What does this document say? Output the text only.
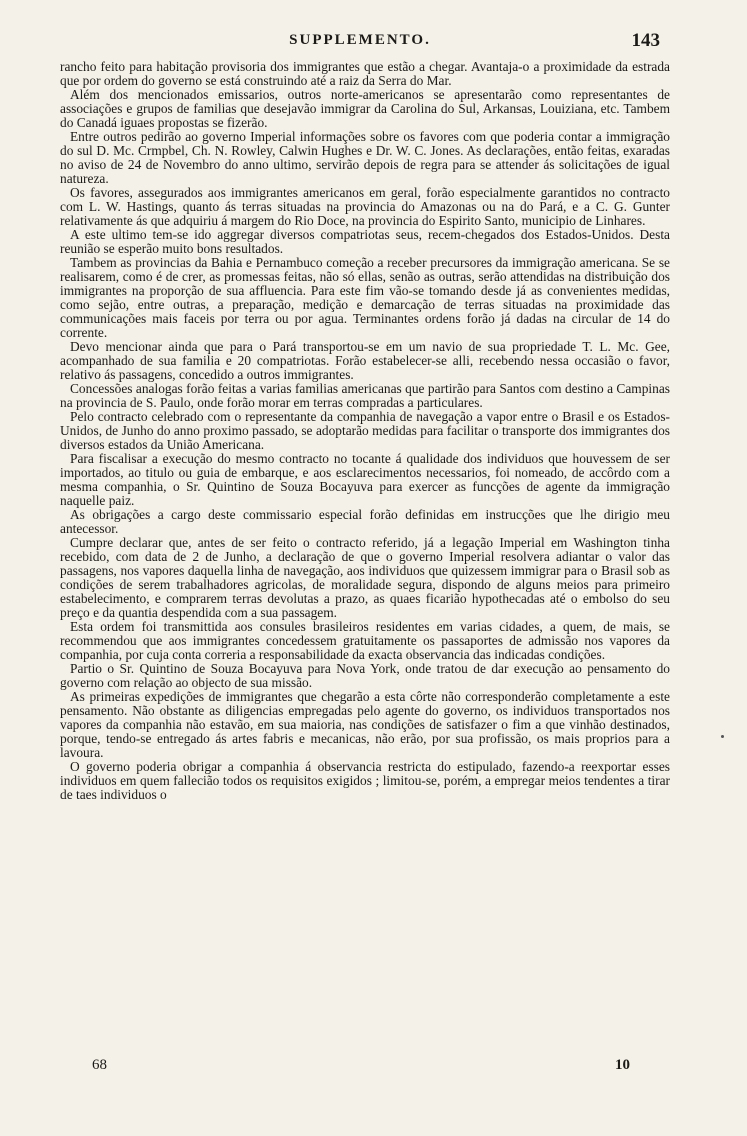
SUPPLEMENTO.	143

rancho feito para habitação provisoria dos immigrantes que estão a chegar. Avantaja-o a proximidade da estrada que por ordem do governo se está construindo até a raiz da Serra do Mar.

Além dos mencionados emissarios, outros norte-americanos se apresentarão como representantes de associações e grupos de familias que desejavão immigrar da Carolina do Sul, Arkansas, Louiziana, etc. Tambem do Canadá iguaes propostas se fizerão.

Entre outros pedirão ao governo Imperial informações sobre os favores com que poderia contar a immigração do sul D. Mc. Crmpbel, Ch. N. Rowley, Calwin Hughes e Dr. W. C. Jones. As declarações, então feitas, exaradas no aviso de 24 de Novembro do anno ultimo, servirão depois de regra para se attender ás solicitações de igual natureza.

Os favores, assegurados aos immigrantes americanos em geral, forão especialmente garantidos no contracto com L. W. Hastings, quanto ás terras situadas na provincia do Amazonas ou na do Pará, e a C. G. Gunter relativamente ás que adquiriu á margem do Rio Doce, na provincia do Espirito Santo, municipio de Linhares.

A este ultimo tem-se ido aggregar diversos compatriotas seus, recem-chegados dos Estados-Unidos. Desta reunião se esperão muito bons resultados.

Tambem as provincias da Bahia e Pernambuco começão a receber precursores da immigração americana. Se se realisarem, como é de crer, as promessas feitas, não só ellas, senão as outras, serão attendidas na distribuição dos immigrantes na proporção de sua affluencia. Para este fim vão-se tomando desde já as convenientes medidas, como sejão, entre outras, a preparação, medição e demarcação de terras situadas na proximidade das communicações mais faceis por terra ou por agua. Terminantes ordens forão já dadas na circular de 14 do corrente.

Devo mencionar ainda que para o Pará transportou-se em um navio de sua propriedade T. L. Mc. Gee, acompanhado de sua familia e 20 compatriotas. Forão estabelecer-se alli, recebendo nessa occasião o favor, relativo ás passagens, concedido a outros immigrantes.

Concessões analogas forão feitas a varias familias americanas que partirão para Santos com destino a Campinas na provincia de S. Paulo, onde forão morar em terras compradas a particulares.

Pelo contracto celebrado com o representante da companhia de navegação a vapor entre o Brasil e os Estados-Unidos, de Junho do anno proximo passado, se adoptarão medidas para facilitar o transporte dos immigrantes dos diversos estados da União Americana.

Para fiscalisar a execução do mesmo contracto no tocante á qualidade dos individuos que houvessem de ser importados, ao titulo ou guia de embarque, e aos esclarecimentos necessarios, foi nomeado, de accôrdo com a mesma companhia, o Sr. Quintino de Souza Bocayuva para exercer as funcções de agente da immigração naquelle paiz.

As obrigações a cargo deste commissario especial forão definidas em instrucções que lhe dirigio meu antecessor.

Cumpre declarar que, antes de ser feito o contracto referido, já a legação Imperial em Washington tinha recebido, com data de 2 de Junho, a declaração de que o governo Imperial resolvera adiantar o valor das passagens, nos vapores daquella linha de navegação, aos individuos que quizessem immigrar para o Brasil sob as condições de serem trabalhadores agricolas, de moralidade segura, dispondo de alguns meios para primeiro estabelecimento, e comprarem terras devolutas a prazo, as quaes ficarião hypothecadas até o embolso do seu preço e da quantia despendida com a sua passagem.

Esta ordem foi transmittida aos consules brasileiros residentes em varias cidades, a quem, de mais, se recommendou que aos immigrantes concedessem gratuitamente os passaportes de admissão nos vapores da companhia, por cuja conta correria a responsabilidade da exacta observancia das indicadas condições.

Partio o Sr. Quintino de Souza Bocayuva para Nova York, onde tratou de dar execução ao pensamento do governo com relação ao objecto de sua missão.

As primeiras expedições de immigrantes que chegarão a esta côrte não corresponderão completamente a este pensamento. Não obstante as diligencias empregadas pelo agente do governo, os individuos transportados nos vapores da companhia não estavão, em sua maioria, nas condições de satisfazer o fim a que vinhão destinados, porque, tendo-se entregado ás artes fabris e mecanicas, não erão, por sua profissão, os mais proprios para a lavoura.

O governo poderia obrigar a companhia á observancia restricta do estipulado, fazendo-a reexportar esses individuos em quem fallecião todos os requisitos exigidos ; limitou-se, porém, a empregar meios tendentes a tirar de taes individuos o

68	10
